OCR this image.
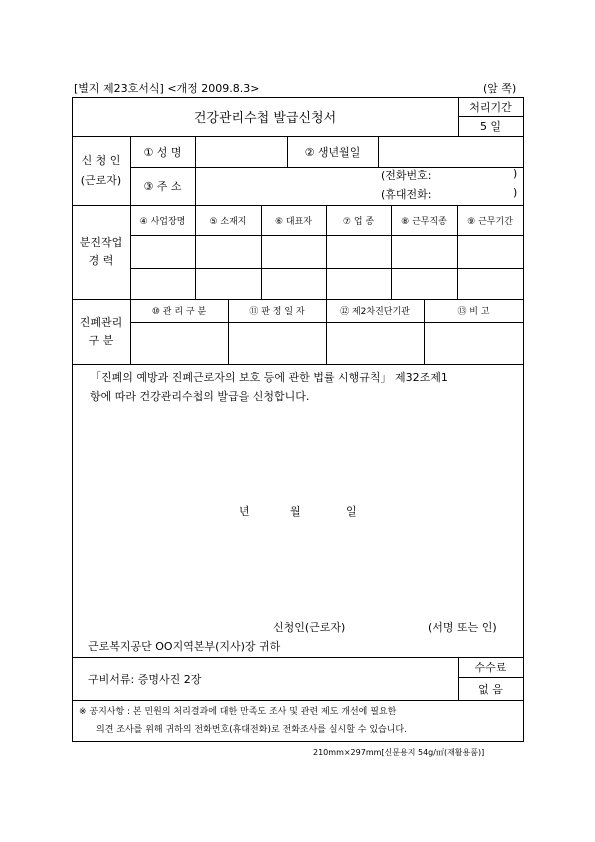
[별지 제23호서식] <개정 2009.8.3>	(앞 쪽)
건강관리수첩 발급신청서
처리기간
5 일
신 청 인
(근로자)
① 성 명	② 생년월일
③ 주 소
(전화번호:	)
(휴대전화:	)
분진작업
경 력
④ 사업장명	⑤ 소재지	⑥ 대표자	⑦ 업 종	⑧ 근무직종	⑨ 근무기간
진폐관리
구 분
⑩ 관 리 구 분	⑪ 판 정 일 자	⑫ 제2차진단기관	⑬ 비 고
「진폐의 예방과 진폐근로자의 보호 등에 관한 법률 시행규칙」 제32조제1
항에 따라 건강관리수첩의 발급을 신청합니다.
년	월	일
신청인(근로자)	(서명 또는 인)
근로복지공단 OO지역본부(지사)장 귀하
구비서류: 증명사진 2장
수수료
없 음
※ 공지사항 : 본 민원의 처리결과에 대한 만족도 조사 및 관련 제도 개선에 필요한
의견 조사를 위해 귀하의 전화번호(휴대전화)로 전화조사를 실시할 수 있습니다.
210mm×297mm[신문용지 54g/㎡(재활용품)]
